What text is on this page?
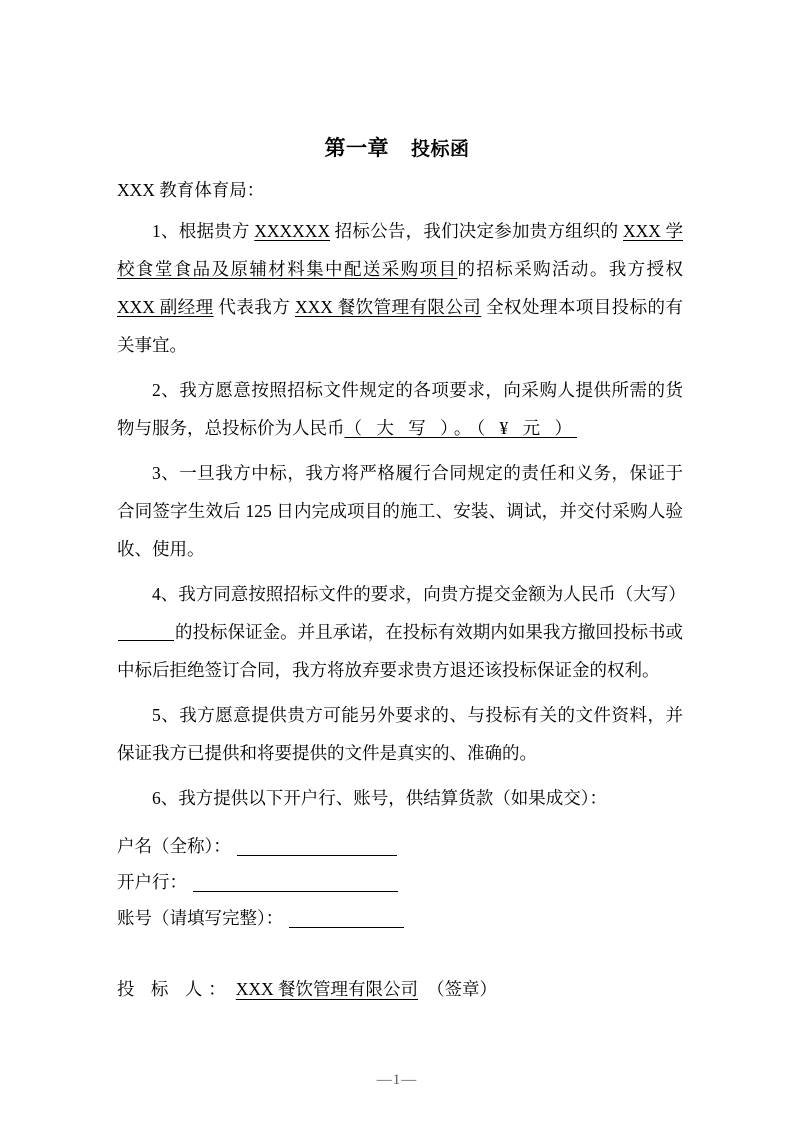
第一章 投标函

XXX 教育体育局：

1、根据贵方 XXXXXX 招标公告，我们决定参加贵方组织的 XXX 学校食堂食品及原辅材料集中配送采购项目的招标采购活动。我方授权 XXX 副经理 代表我方 XXX 餐饮管理有限公司 全权处理本项目投标的有关事宜。

2、我方愿意按照招标文件规定的各项要求，向采购人提供所需的货物与服务，总投标价为人民币（ 大 写 ）。（ ¥ 元 ）

3、一旦我方中标，我方将严格履行合同规定的责任和义务，保证于合同签字生效后 125 日内完成项目的施工、安装、调试，并交付采购人验收、使用。

4、我方同意按照招标文件的要求，向贵方提交金额为人民币（大写）的投标保证金。并且承诺，在投标有效期内如果我方撤回投标书或中标后拒绝签订合同，我方将放弃要求贵方退还该投标保证金的权利。

5、我方愿意提供贵方可能另外要求的、与投标有关的文件资料，并保证我方已提供和将要提供的文件是真实的、准确的。

6、我方提供以下开户行、账号，供结算货款（如果成交）：

户名（全称）：

开户行：

账号（请填写完整）：

投 标 人： XXX 餐饮管理有限公司 （签章）
—1—
